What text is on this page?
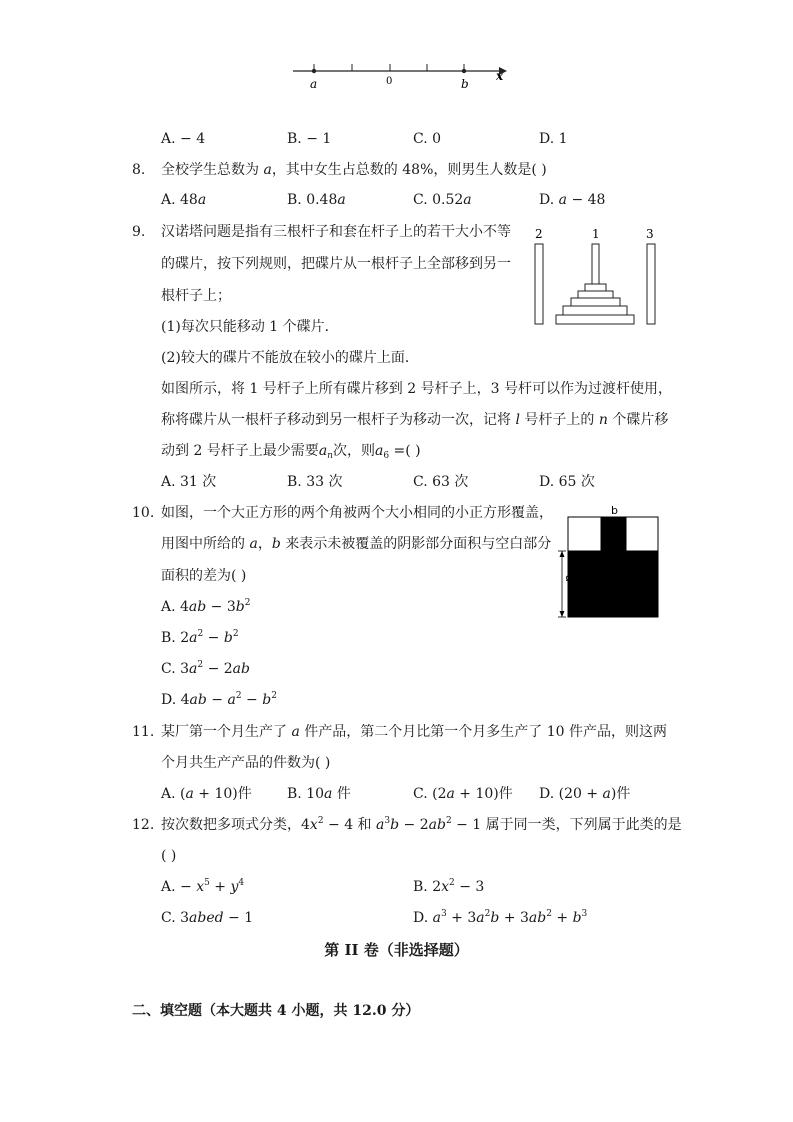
a	0	b
x
A. − 4	B. − 1	C. 0	D. 1
8. 全校学生总数为 a，其中女生占总数的 48%，则男生人数是( )
A. 48a	B. 0.48a	C. 0.52a	D. a − 48
9. 汉诺塔问题是指有三根杆子和套在杆子上的若干大小不等
的碟片，按下列规则，把碟片从一根杆子上全部移到另一
根杆子上；
(1)每次只能移动 1 个碟片．
(2)较大的碟片不能放在较小的碟片上面．
如图所示，将 1 号杆子上所有碟片移到 2 号杆子上，3 号杆可以作为过渡杆使用，
称将碟片从一根杆子移动到另一根杆子为移动一次，记将 l 号杆子上的 n 个碟片移
动到 2 号杆子上最少需要$a_n$次，则$a_6$ =( )
A. 31 次	B. 33 次	C. 63 次	D. 65 次
2	1	3
10. 如图，一个大正方形的两个角被两个大小相同的小正方形覆盖，
用图中所给的 a，b 来表示未被覆盖的阴影部分面积与空白部分
面积的差为( )
A. $4ab - 3b^2$
B. $2a^2 - b^2$
C. $3a^2 - 2ab$
D. $4ab - a^2 - b^2$
b
a
11. 某厂第一个月生产了 a 件产品，第二个月比第一个月多生产了 10 件产品，则这两
个月共生产产品的件数为( )
A. (a + 10)件	B. 10a 件	C. (2a + 10)件 D. (20 + a)件
12. 按次数把多项式分类，$4x^2 - 4$ 和 $a^3b - 2ab^2 - 1$ 属于同一类，下列属于此类的是
( )
A. − $x^5 + y^4$	B. $2x^2 - 3$
C. 3abed − 1	D. $a^3 + 3a^2b + 3ab^2 + b^3$
第 II 卷（非选择题）
二、填空题（本大题共 4 小题，共 12.0 分）
